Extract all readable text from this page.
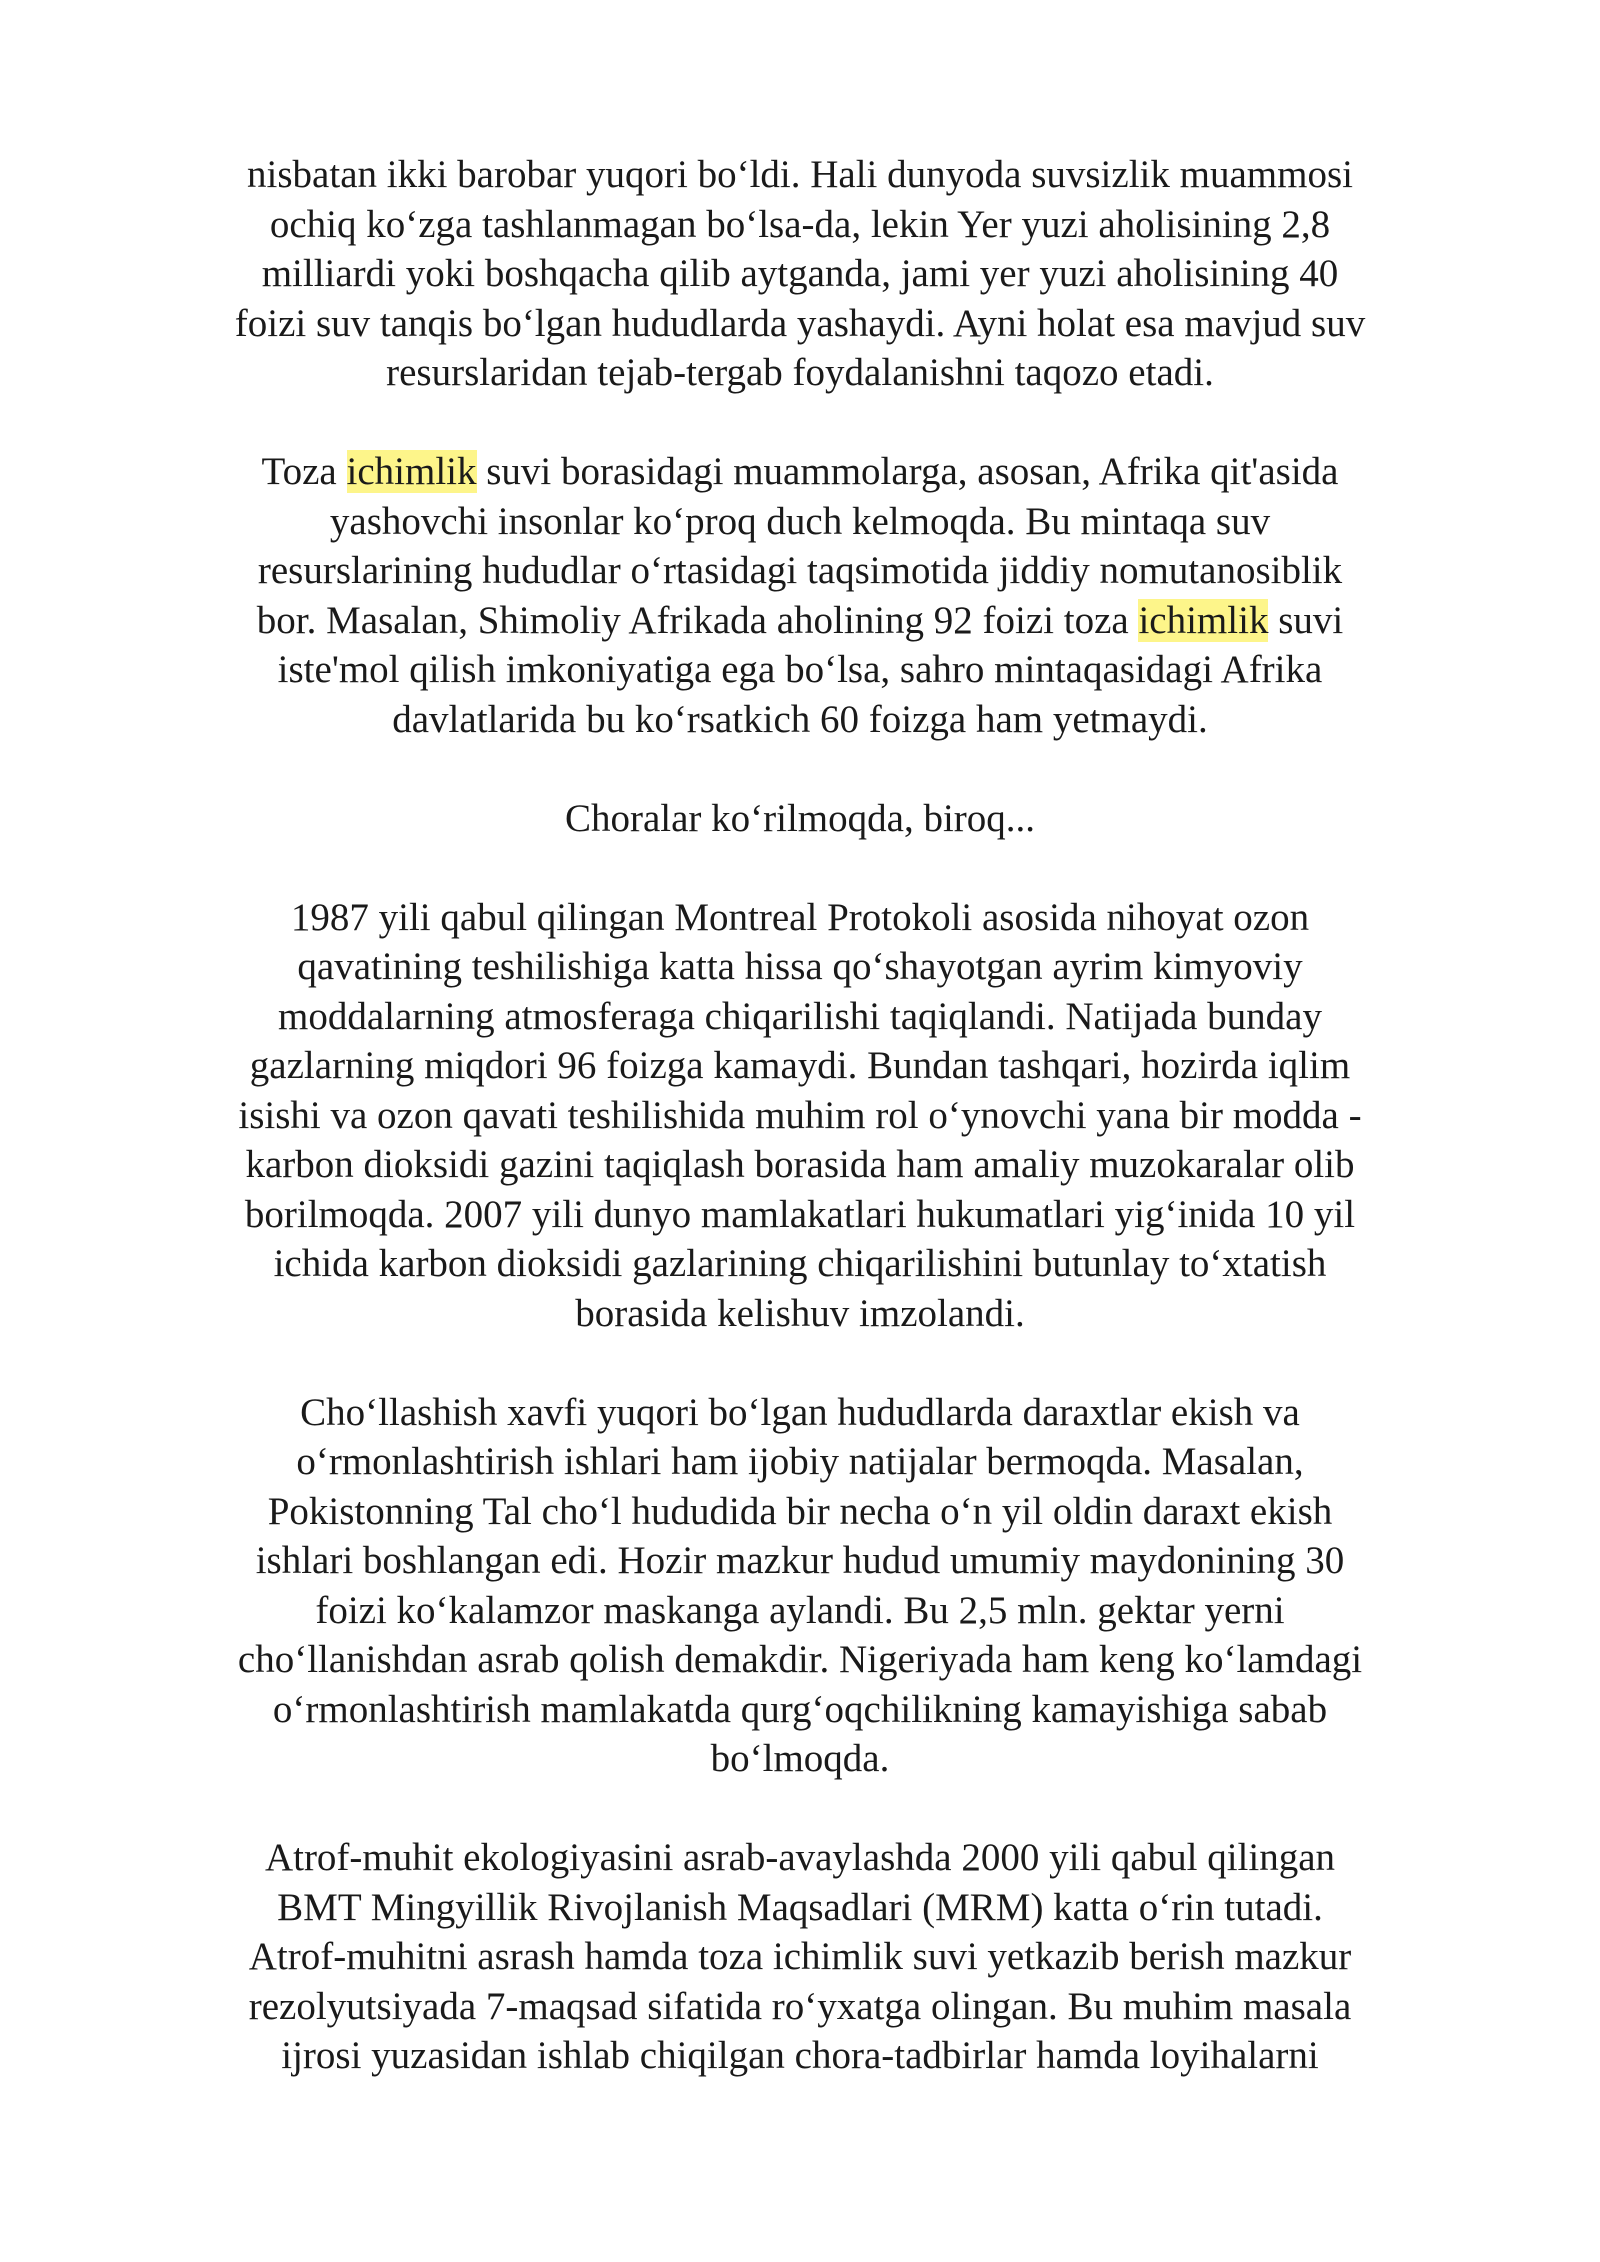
nisbatan ikki barobar yuqori bo‘ldi. Hali dunyoda suvsizlik muammosi
ochiq ko‘zga tashlanmagan bo‘lsa-da, lekin Yer yuzi aholisining 2,8
milliardi yoki boshqacha qilib aytganda, jami yer yuzi aholisining 40
foizi suv tanqis bo‘lgan hududlarda yashaydi. Ayni holat esa mavjud suv
resurslaridan tejab-tergab foydalanishni taqozo etadi.

Toza ichimlik suvi borasidagi muammolarga, asosan, Afrika qit'asida
yashovchi insonlar ko‘proq duch kelmoqda. Bu mintaqa suv
resurslarining hududlar o‘rtasidagi taqsimotida jiddiy nomutanosiblik
bor. Masalan, Shimoliy Afrikada aholining 92 foizi toza ichimlik suvi
iste'mol qilish imkoniyatiga ega bo‘lsa, sahro mintaqasidagi Afrika
davlatlarida bu ko‘rsatkich 60 foizga ham yetmaydi.

Choralar ko‘rilmoqda, biroq...

1987 yili qabul qilingan Montreal Protokoli asosida nihoyat ozon
qavatining teshilishiga katta hissa qo‘shayotgan ayrim kimyoviy
moddalarning atmosferaga chiqarilishi taqiqlandi. Natijada bunday
gazlarning miqdori 96 foizga kamaydi. Bundan tashqari, hozirda iqlim
isishi va ozon qavati teshilishida muhim rol o‘ynovchi yana bir modda -
karbon dioksidi gazini taqiqlash borasida ham amaliy muzokaralar olib
borilmoqda. 2007 yili dunyo mamlakatlari hukumatlari yig‘inida 10 yil
ichida karbon dioksidi gazlarining chiqarilishini butunlay to‘xtatish
borasida kelishuv imzolandi.

Cho‘llashish xavfi yuqori bo‘lgan hududlarda daraxtlar ekish va
o‘rmonlashtirish ishlari ham ijobiy natijalar bermoqda. Masalan,
Pokistonning Tal cho‘l hududida bir necha o‘n yil oldin daraxt ekish
ishlari boshlangan edi. Hozir mazkur hudud umumiy maydonining 30
foizi ko‘kalamzor maskanga aylandi. Bu 2,5 mln. gektar yerni
cho‘llanishdan asrab qolish demakdir. Nigeriyada ham keng ko‘lamdagi
o‘rmonlashtirish mamlakatda qurg‘oqchilikning kamayishiga sabab
bo‘lmoqda.

Atrof-muhit ekologiyasini asrab-avaylashda 2000 yili qabul qilingan
BMT Mingyillik Rivojlanish Maqsadlari (MRM) katta o‘rin tutadi.
Atrof-muhitni asrash hamda toza ichimlik suvi yetkazib berish mazkur
rezolyutsiyada 7-maqsad sifatida ro‘yxatga olingan. Bu muhim masala
ijrosi yuzasidan ishlab chiqilgan chora-tadbirlar hamda loyihalarni
